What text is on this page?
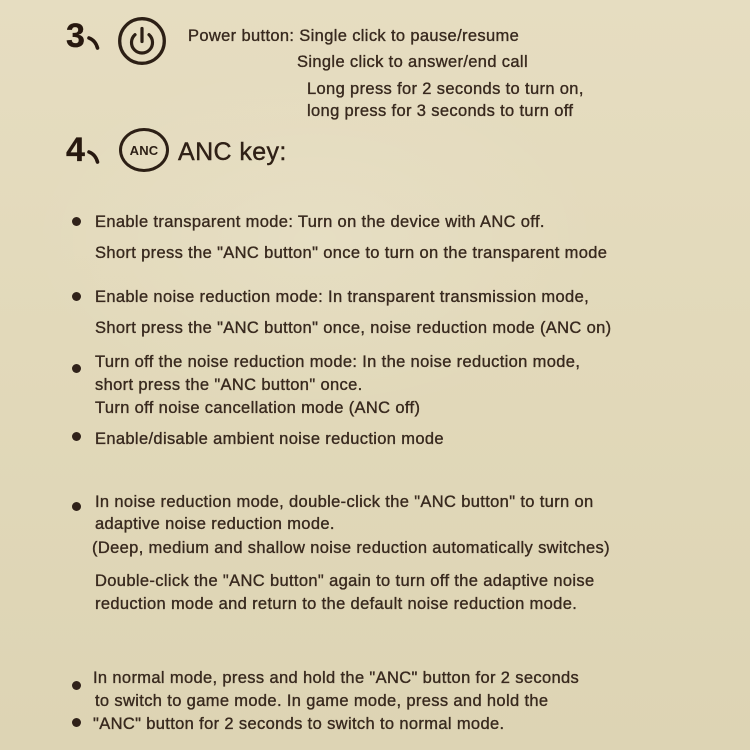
3	Power button: Single click to pause/resume
Single click to answer/end call
Long press for 2 seconds to turn on,
long press for 3 seconds to turn off
4	ANC ANC key:
Enable transparent mode: Turn on the device with ANC off.
Short press the "ANC button" once to turn on the transparent mode
Enable noise reduction mode: In transparent transmission mode,
Short press the "ANC button" once, noise reduction mode (ANC on)
Turn off the noise reduction mode: In the noise reduction mode,
short press the "ANC button" once.
Turn off noise cancellation mode (ANC off)
Enable/disable ambient noise reduction mode
In noise reduction mode, double-click the "ANC button" to turn on
adaptive noise reduction mode.
(Deep, medium and shallow noise reduction automatically switches)
Double-click the "ANC button" again to turn off the adaptive noise
reduction mode and return to the default noise reduction mode.
In normal mode, press and hold the "ANC" button for 2 seconds
to switch to game mode. In game mode, press and hold the
"ANC" button for 2 seconds to switch to normal mode.
